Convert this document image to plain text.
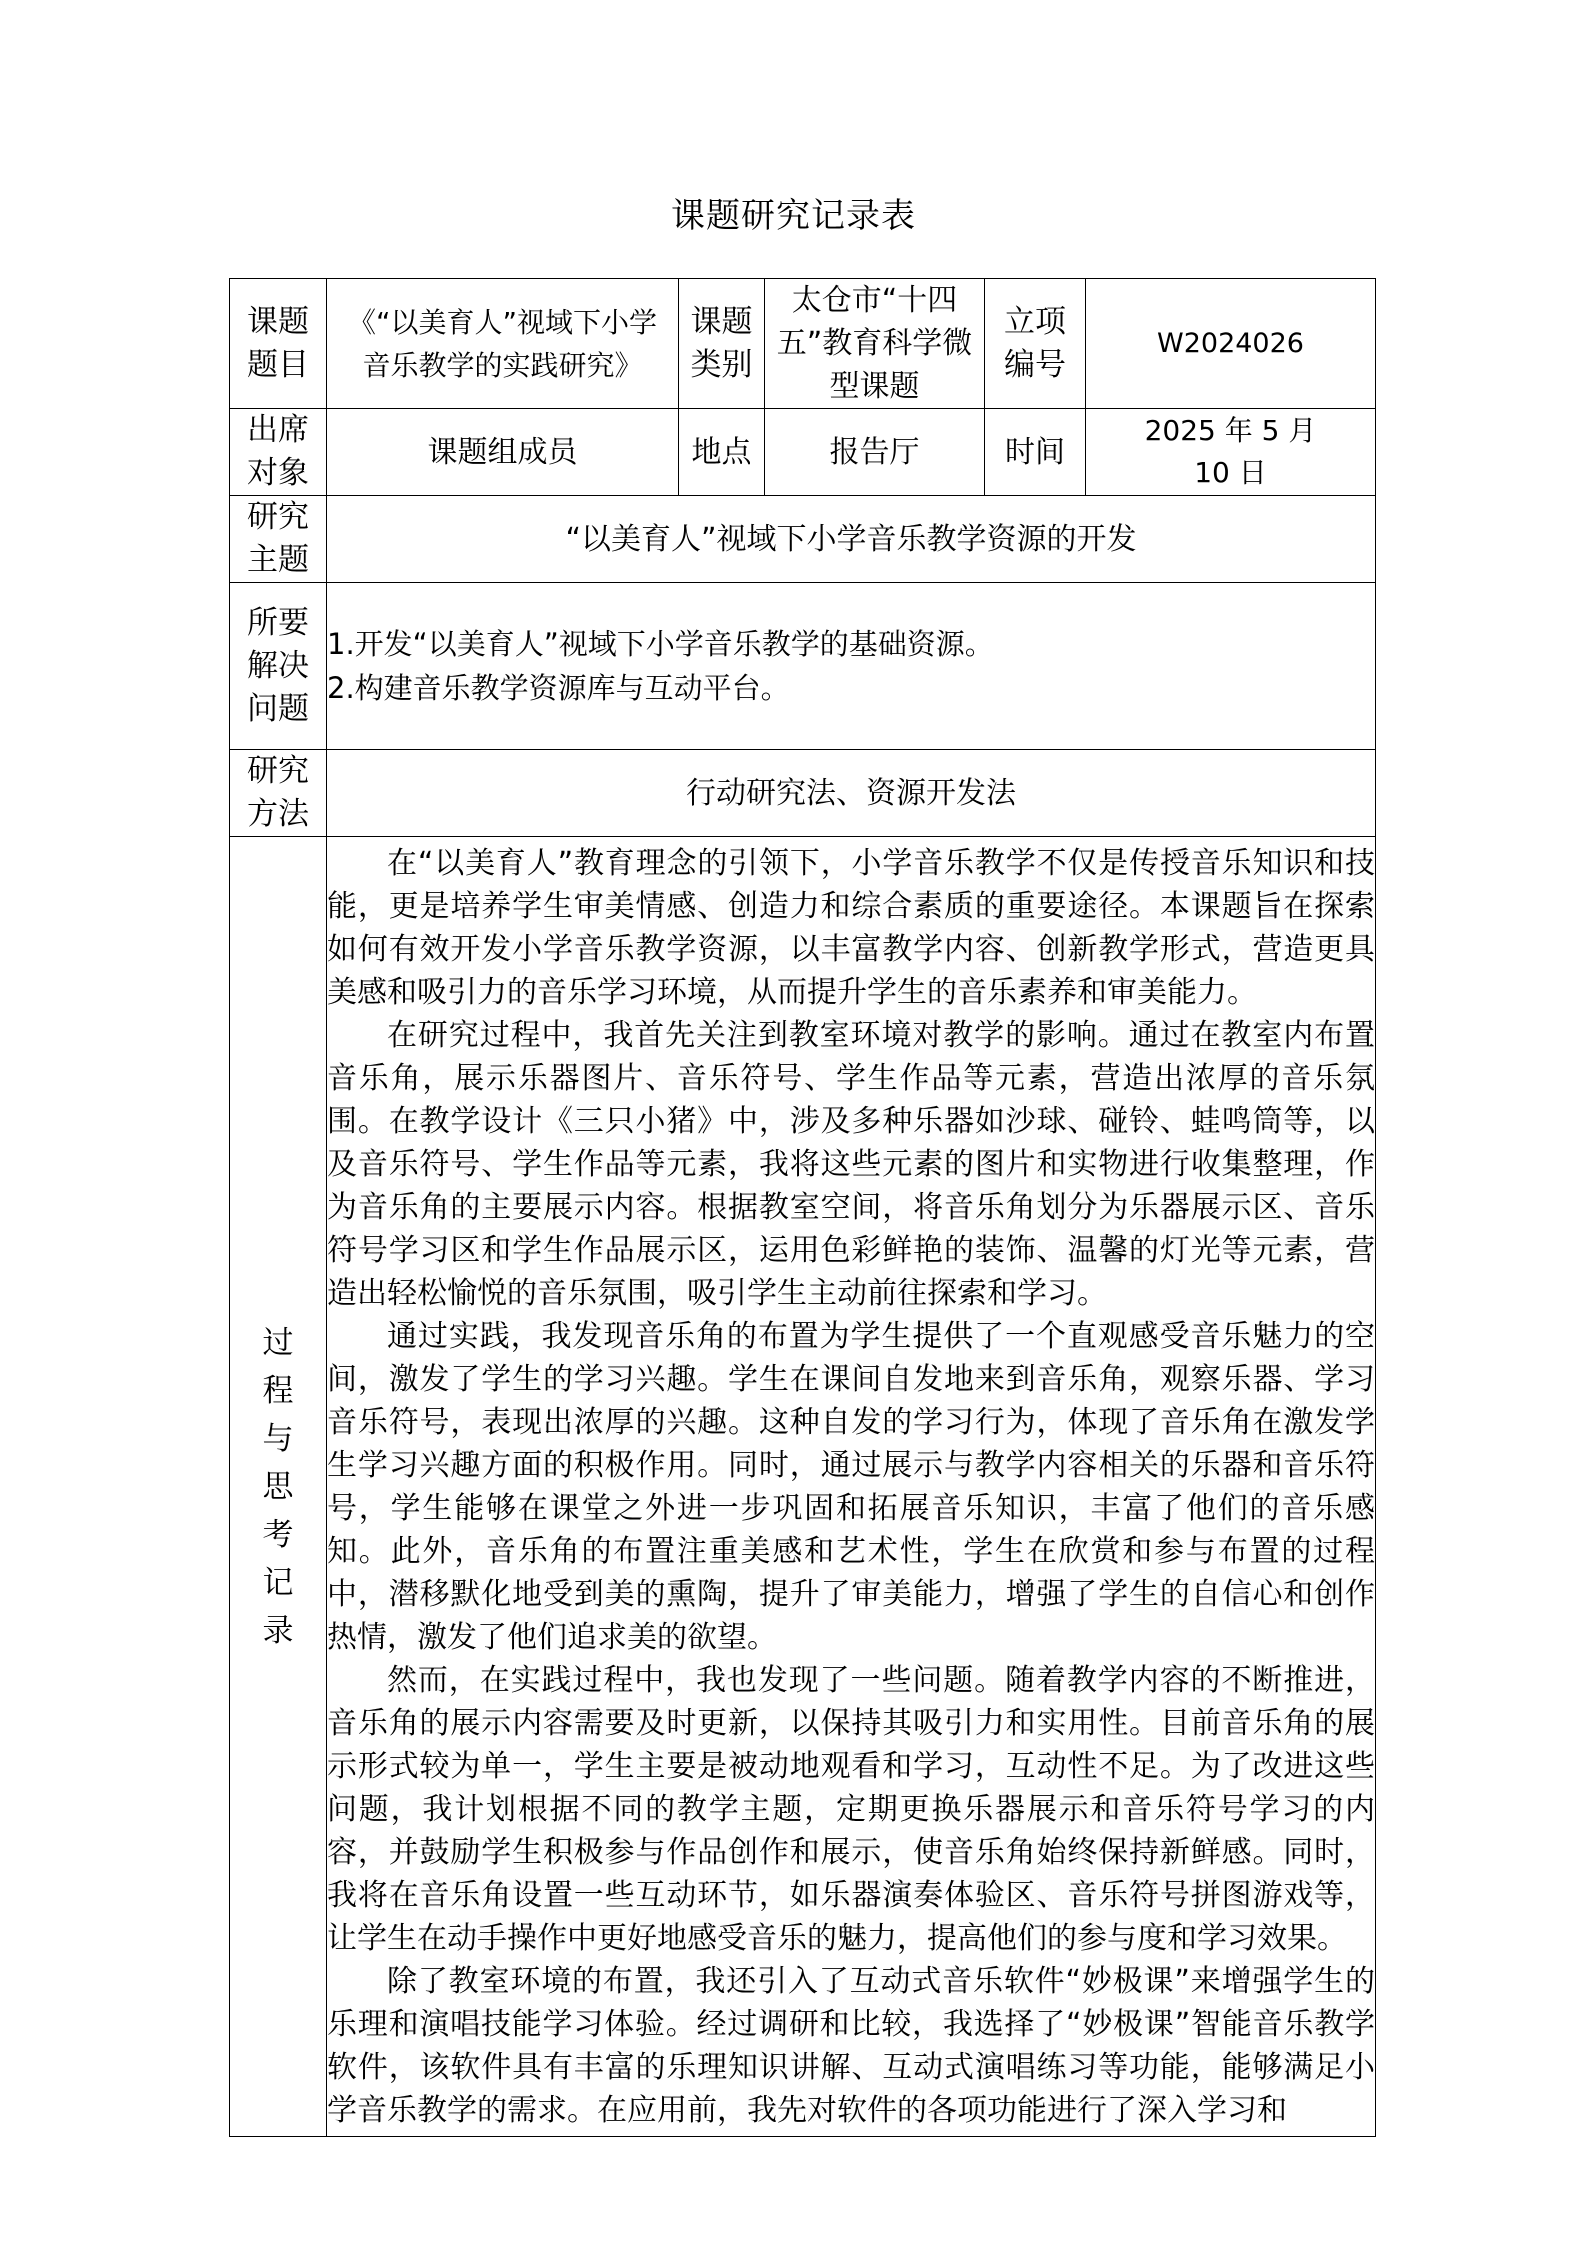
课题研究记录表
课题题目	《“以美育人”视域下小学音乐教学的实践研究》	课题类别	太仓市“十四五”教育科学微型课题	立项编号	W2024026

出席对象	课题组成员	地点	报告厅	时间	2025 年 5 月 10 日

研究主题	“以美育人”视域下小学音乐教学资源的开发				

所要解决问题	1.开发“以美育人”视域下小学音乐教学的基础资源。
2.构建音乐教学资源库与互动平台。				

研究方法	行动研究法、资源开发法				

过程与思考记录	在“以美育人”教育理念的引领下，小学音乐教学不仅是传授音乐知识和技能，更是培养学生审美情感、创造力和综合素质的重要途径。本课题旨在探索如何有效开发小学音乐教学资源，以丰富教学内容、创新教学形式，营造更具美感和吸引力的音乐学习环境，从而提升学生的音乐素养和审美能力。

在研究过程中，我首先关注到教室环境对教学的影响。通过在教室内布置音乐角，展示乐器图片、音乐符号、学生作品等元素，营造出浓厚的音乐氛围。在教学设计《三只小猪》中，涉及多种乐器如沙球、碰铃、蛙鸣筒等，以及音乐符号、学生作品等元素，我将这些元素的图片和实物进行收集整理，作为音乐角的主要展示内容。根据教室空间，将音乐角划分为乐器展示区、音乐符号学习区和学生作品展示区，运用色彩鲜艳的装饰、温馨的灯光等元素，营造出轻松愉悦的音乐氛围，吸引学生主动前往探索和学习。

通过实践，我发现音乐角的布置为学生提供了一个直观感受音乐魅力的空间，激发了学生的学习兴趣。学生在课间自发地来到音乐角，观察乐器、学习音乐符号，表现出浓厚的兴趣。这种自发的学习行为，体现了音乐角在激发学生学习兴趣方面的积极作用。同时，通过展示与教学内容相关的乐器和音乐符号，学生能够在课堂之外进一步巩固和拓展音乐知识，丰富了他们的音乐感知。此外，音乐角的布置注重美感和艺术性，学生在欣赏和参与布置的过程中，潜移默化地受到美的熏陶，提升了审美能力，增强了学生的自信心和创作热情，激发了他们追求美的欲望。

然而，在实践过程中，我也发现了一些问题。随着教学内容的不断推进，音乐角的展示内容需要及时更新，以保持其吸引力和实用性。目前音乐角的展示形式较为单一，学生主要是被动地观看和学习，互动性不足。为了改进这些问题，我计划根据不同的教学主题，定期更换乐器展示和音乐符号学习的内容，并鼓励学生积极参与作品创作和展示，使音乐角始终保持新鲜感。同时，我将在音乐角设置一些互动环节，如乐器演奏体验区、音乐符号拼图游戏等，让学生在动手操作中更好地感受音乐的魅力，提高他们的参与度和学习效果。

除了教室环境的布置，我还引入了互动式音乐软件“妙极课”来增强学生的乐理和演唱技能学习体验。经过调研和比较，我选择了“妙极课”智能音乐教学软件，该软件具有丰富的乐理知识讲解、互动式演唱练习等功能，能够满足小学音乐教学的需求。在应用前，我先对软件的各项功能进行了深入学习和				
